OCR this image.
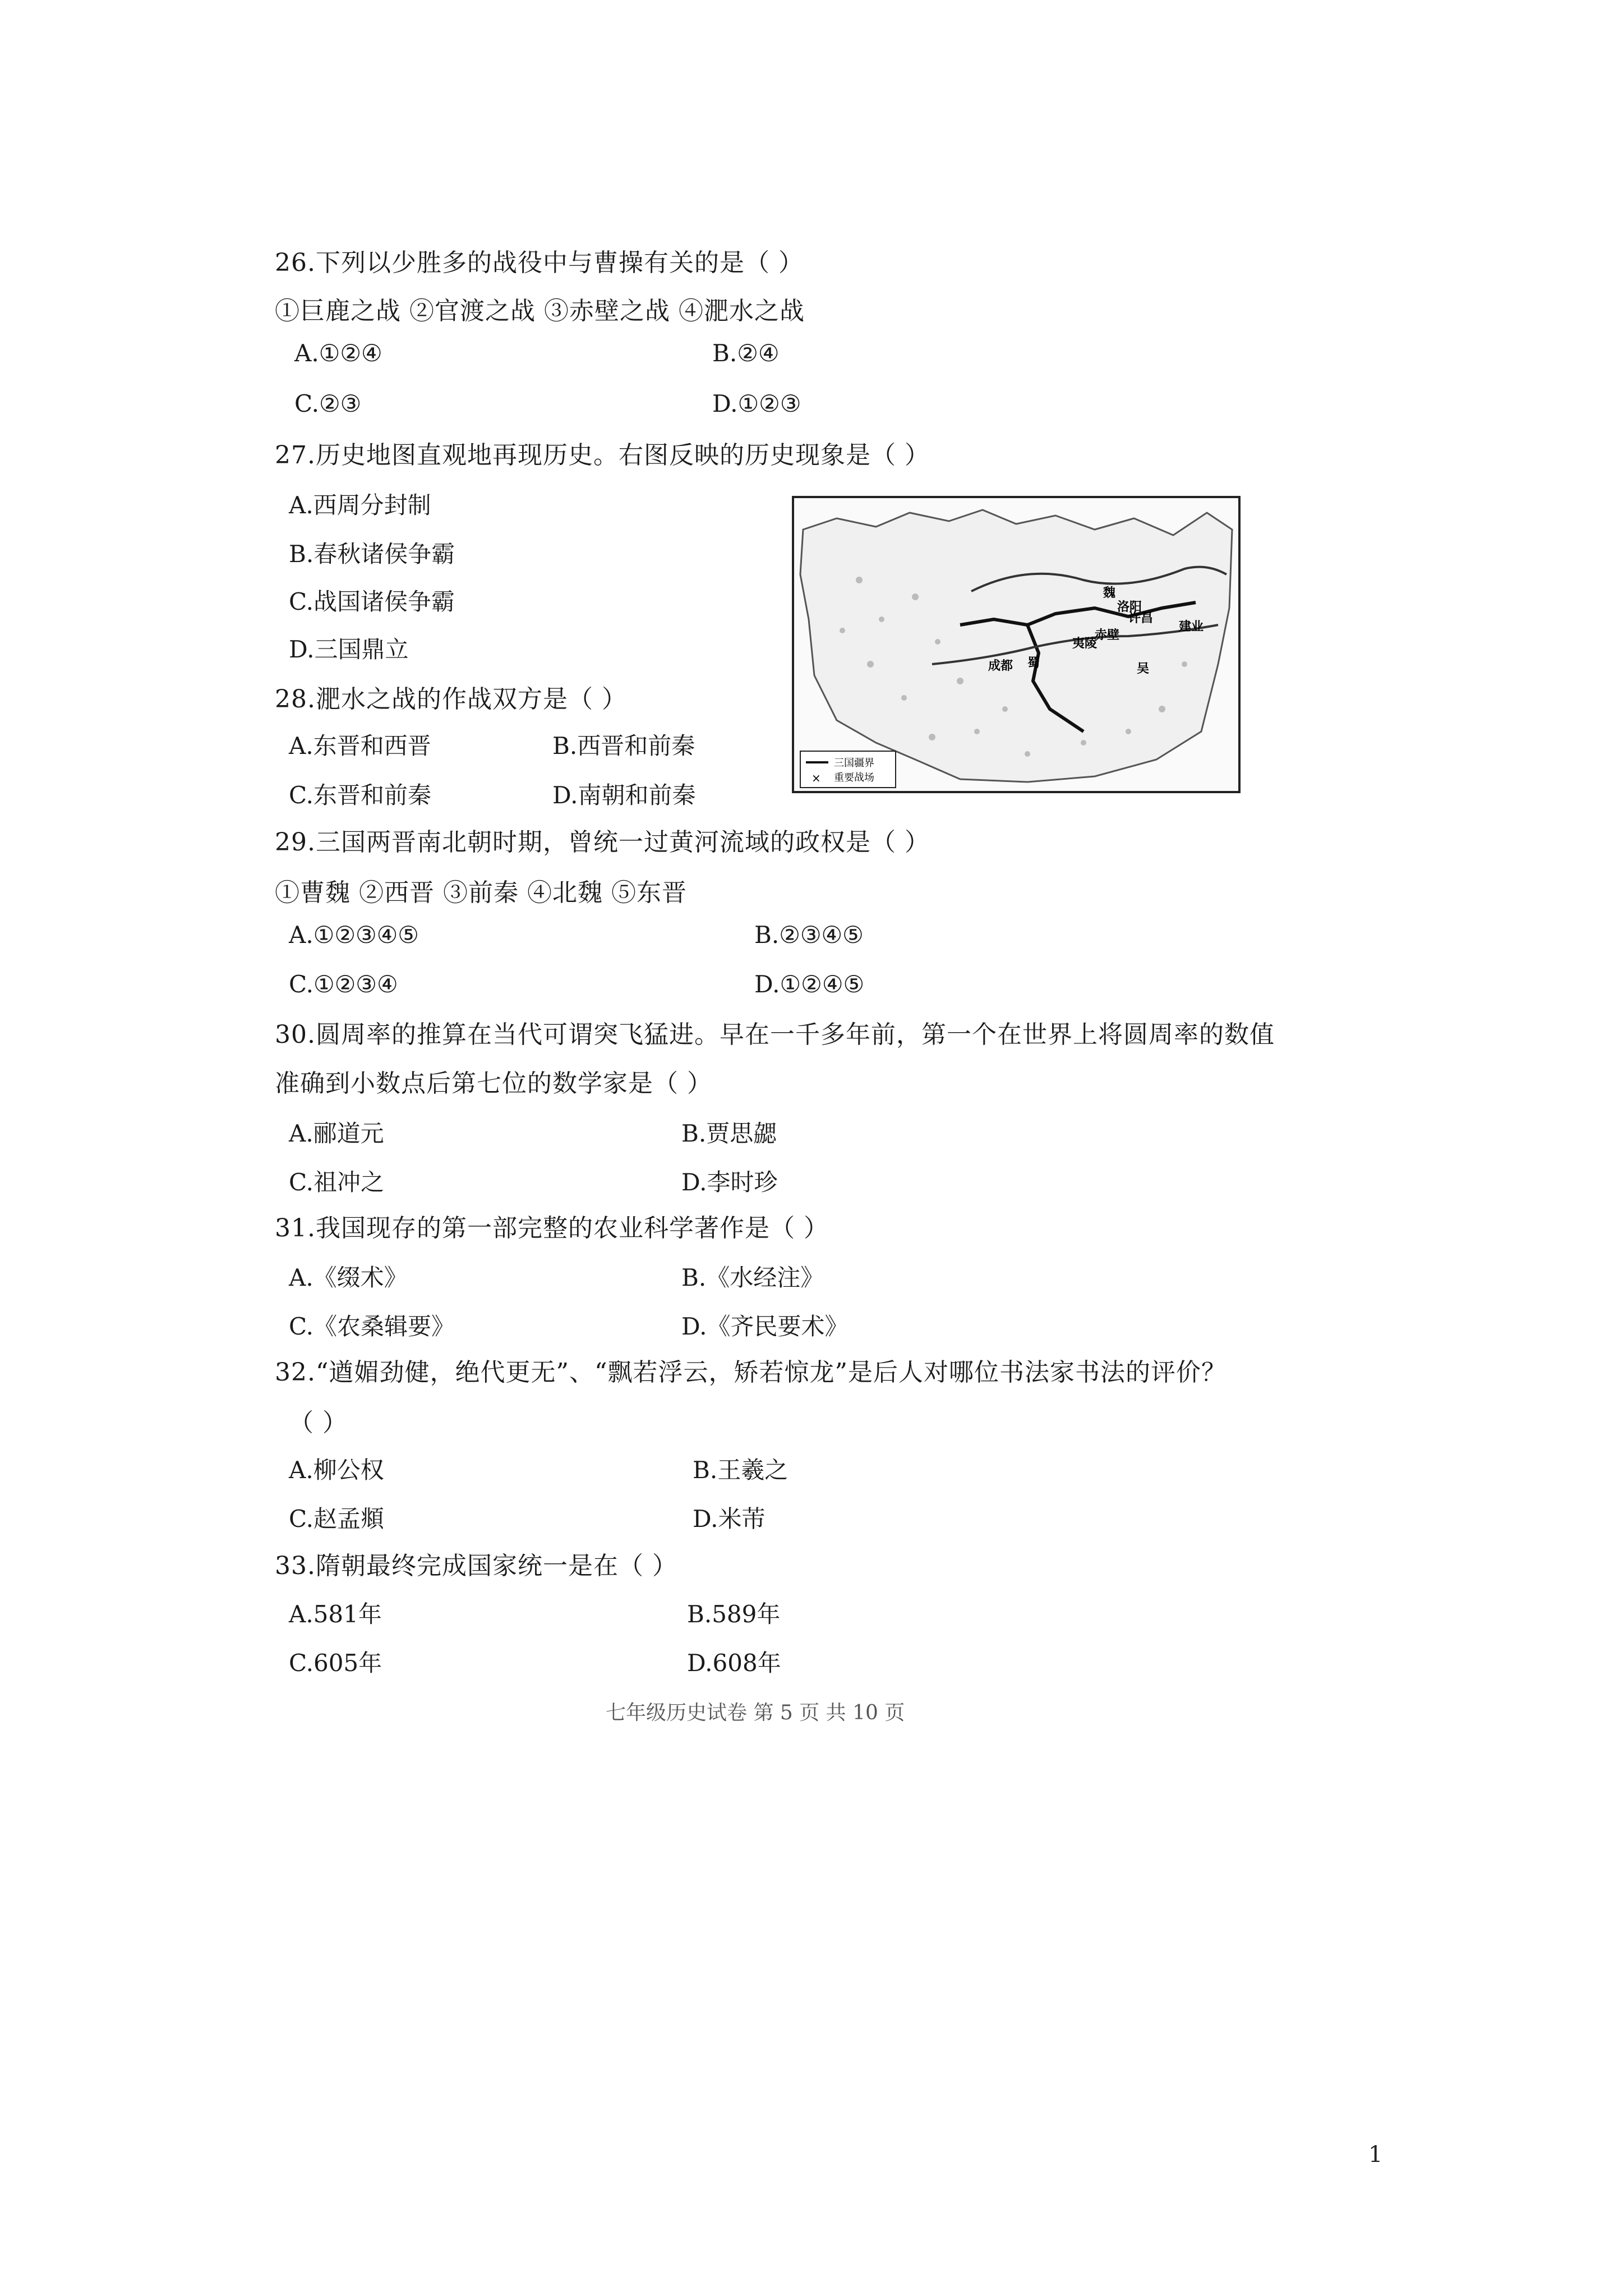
26.下列以少胜多的战役中与曹操有关的是（ ）
①巨鹿之战 ②官渡之战 ③赤壁之战 ④淝水之战
A.①②④	B.②④
C.②③	D.①②③
27.历史地图直观地再现历史。右图反映的历史现象是（ ）
A.西周分封制
B.春秋诸侯争霸
C.战国诸侯争霸
D.三国鼎立
魏
蜀	吴
赤壁
夷陵
成都
建业
许昌
洛阳
三国疆界
× 重要战场
28.淝水之战的作战双方是（ ）
A.东晋和西晋	B.西晋和前秦
C.东晋和前秦	D.南朝和前秦
29.三国两晋南北朝时期，曾统一过黄河流域的政权是（ ）
①曹魏 ②西晋 ③前秦 ④北魏 ⑤东晋
A.①②③④⑤	B.②③④⑤
C.①②③④	D.①②④⑤
30.圆周率的推算在当代可谓突飞猛进。早在一千多年前，第一个在世界上将圆周率的数值
准确到小数点后第七位的数学家是（ ）
A.郦道元	B.贾思勰
C.祖冲之	D.李时珍
31.我国现存的第一部完整的农业科学著作是（ ）
A.《缀术》	B.《水经注》
C.《农桑辑要》	D.《齐民要术》
32.“遒媚劲健，绝代更无”、“飘若浮云，矫若惊龙”是后人对哪位书法家书法的评价？
（ ）
A.柳公权	B.王羲之
C.赵孟頫	D.米芾
33.隋朝最终完成国家统一是在（ ）
A.581年	B.589年
C.605年	D.608年
七年级历史试卷 第 5 页 共 10 页
1
